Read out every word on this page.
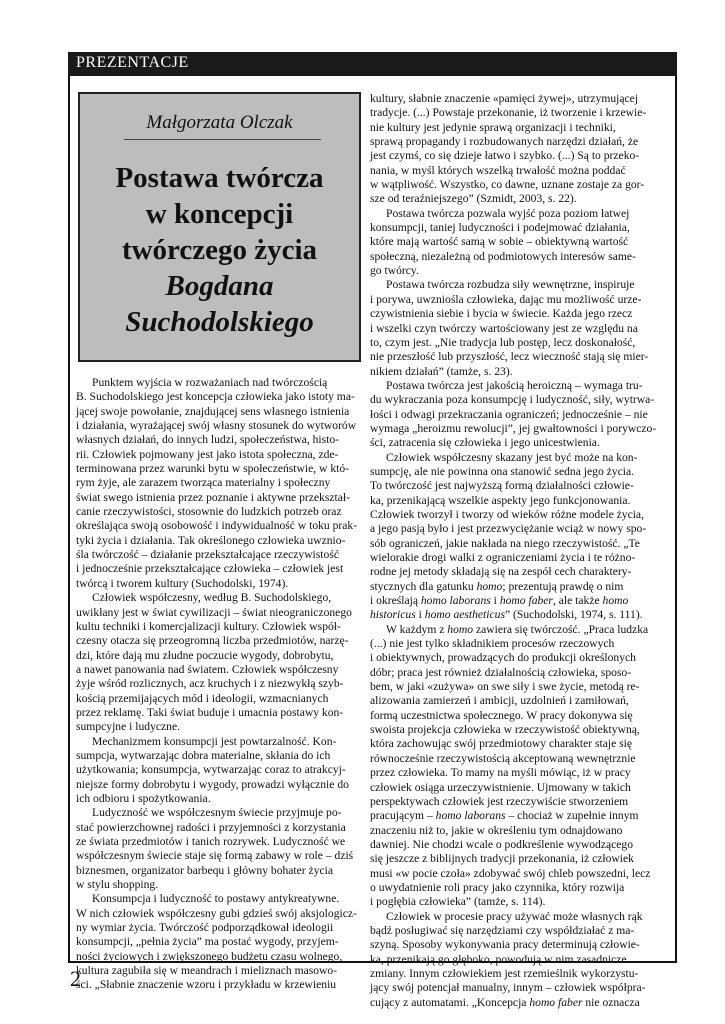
PREZENTACJE
Małgorzata Olczak
Postawa twórcza
w koncepcji
twórczego życia
Bogdana
Suchodolskiego
Punktem wyjścia w rozważaniach nad twórczością
B. Suchodolskiego jest koncepcja człowieka jako istoty ma-
jącej swoje powołanie, znajdującej sens własnego istnienia
i działania, wyrażającej swój własny stosunek do wytworów
własnych działań, do innych ludzi, społeczeństwa, histo-
rii. Człowiek pojmowany jest jako istota społeczna, zde-
terminowana przez warunki bytu w społeczeństwie, w któ-
rym żyje, ale zarazem tworząca materialny i społeczny
świat swego istnienia przez poznanie i aktywne przekształ-
canie rzeczywistości, stosownie do ludzkich potrzeb oraz
określająca swoją osobowość i indywidualność w toku prak-
tyki życia i działania. Tak określonego człowieka uwznio-
śla twórczość – działanie przekształcające rzeczywistość
i jednocześnie przekształcające człowieka – człowiek jest
twórcą i tworem kultury (Suchodolski, 1974).
Człowiek współczesny, według B. Suchodolskiego,
uwikłany jest w świat cywilizacji – świat nieograniczonego
kultu techniki i komercjalizacji kultury. Człowiek współ-
czesny otacza się przeogromną liczba przedmiotów, narzę-
dzi, które dają mu złudne poczucie wygody, dobrobytu,
a nawet panowania nad światem. Człowiek współczesny
żyje wśród rozlicznych, acz kruchych i z niezwykłą szyb-
kością przemijających mód i ideologii, wzmacnianych
przez reklamę. Taki świat buduje i umacnia postawy kon-
sumpcyjne i ludyczne.
Mechanizmem konsumpcji jest powtarzalność. Kon-
sumpcja, wytwarzając dobra materialne, skłania do ich
użytkowania; konsumpcja, wytwarzając coraz to atrakcyj-
niejsze formy dobrobytu i wygody, prowadzi wyłącznie do
ich odbioru i spożytkowania.
Ludyczność we współczesnym świecie przyjmuje po-
stać powierzchownej radości i przyjemności z korzystania
ze świata przedmiotów i tanich rozrywek. Ludyczność we
współczesnym świecie staje się formą zabawy w role – dziś
biznesmen, organizator barbequ i główny bohater życia
w stylu shopping.
Konsumpcja i ludyczność to postawy antykreatywne.
W nich człowiek współczesny gubi gdzieś swój aksjologicz-
ny wymiar życia. Twórczość podporządkował ideologii
konsumpcji, „pełnia życia” ma postać wygody, przyjem-
ności życiowych i zwiększonego budżetu czasu wolnego,
kultura zagubiła się w meandrach i mieliznach masowo-
ści. „Słabnie znaczenie wzoru i przykładu w krzewieniu
kultury, słabnie znaczenie «pamięci żywej», utrzymującej
tradycje. (...) Powstaje przekonanie, iż tworzenie i krzewie-
nie kultury jest jedynie sprawą organizacji i techniki,
sprawą propagandy i rozbudowanych narzędzi działań, że
jest czymś, co się dzieje łatwo i szybko. (...) Są to przeko-
nania, w myśl których wszelką trwałość można poddać
w wątpliwość. Wszystko, co dawne, uznane zostaje za gor-
sze od teraźniejszego” (Szmidt, 2003, s. 22).
Postawa twórcza pozwala wyjść poza poziom łatwej
konsumpcji, taniej ludyczności i podejmować działania,
które mają wartość samą w sobie – obiektywną wartość
społeczną, niezależną od podmiotowych interesów same-
go twórcy.
Postawa twórcza rozbudza siły wewnętrzne, inspiruje
i porywa, uwzniośla człowieka, dając mu możliwość urze-
czywistnienia siebie i bycia w świecie. Każda jego rzecz
i wszelki czyn twórczy wartościowany jest ze względu na
to, czym jest. „Nie tradycja lub postęp, lecz doskonałość,
nie przeszłość lub przyszłość, lecz wieczność stają się mier-
nikiem działań” (tamże, s. 23).
Postawa twórcza jest jakością heroiczną – wymaga tru-
du wykraczania poza konsumpcję i ludyczność, siły, wytrwa-
łości i odwagi przekraczania ograniczeń; jednocześnie – nie
wymaga „heroizmu rewolucji”, jej gwałtowności i porywczo-
ści, zatracenia się człowieka i jego unicestwienia.
Człowiek współczesny skazany jest być może na kon-
sumpcję, ale nie powinna ona stanowić sedna jego życia.
To twórczość jest najwyższą formą działalności człowie-
ka, przenikającą wszelkie aspekty jego funkcjonowania.
Człowiek tworzył i tworzy od wieków różne modele życia,
a jego pasją było i jest przezwyciężanie wciąż w nowy spo-
sób ograniczeń, jakie nakłada na niego rzeczywistość. „Te
wielorakie drogi walki z ograniczeniami życia i te różno-
rodne jej metody składają się na zespół cech charaktery-
stycznych dla gatunku homo; prezentują prawdę o nim
i określają homo laborans i homo faber, ale także homo
historicus i homo aestheticus” (Suchodolski, 1974, s. 111).
W każdym z homo zawiera się twórczość. „Praca ludzka
(...) nie jest tylko składnikiem procesów rzeczowych
i obiektywnych, prowadzących do produkcji określonych
dóbr; praca jest również działalnością człowieka, sposo-
bem, w jaki «zużywa» on swe siły i swe życie, metodą re-
alizowania zamierzeń i ambicji, uzdolnień i zamiłowań,
formą uczestnictwa społecznego. W pracy dokonywa się
swoista projekcja człowieka w rzeczywistość obiektywną,
która zachowując swój przedmiotowy charakter staje się
równocześnie rzeczywistością akceptowaną wewnętrznie
przez człowieka. To mamy na myśli mówiąc, iż w pracy
człowiek osiąga urzeczywistnienie. Ujmowany w takich
perspektywach człowiek jest rzeczywiście stworzeniem
pracującym – homo laborans – chociaż w zupełnie innym
znaczeniu niż to, jakie w określeniu tym odnajdowano
dawniej. Nie chodzi wcale o podkreślenie wywodzącego
się jeszcze z biblijnych tradycji przekonania, iż człowiek
musi «w pocie czoła» zdobywać swój chleb powszedni, lecz
o uwydatnienie roli pracy jako czynnika, który rozwija
i pogłębia człowieka” (tamże, s. 114).
Człowiek w procesie pracy używać może własnych rąk
bądź posługiwać się narzędziami czy współdziałać z ma-
szyną. Sposoby wykonywania pracy determinują człowie-
ka, przenikają go głęboko, powodują w nim zasadnicze
zmiany. Innym człowiekiem jest rzemieślnik wykorzystu-
jący swój potencjał manualny, innym – człowiek współpra-
cujący z automatami. „Koncepcja homo faber nie oznacza
2
